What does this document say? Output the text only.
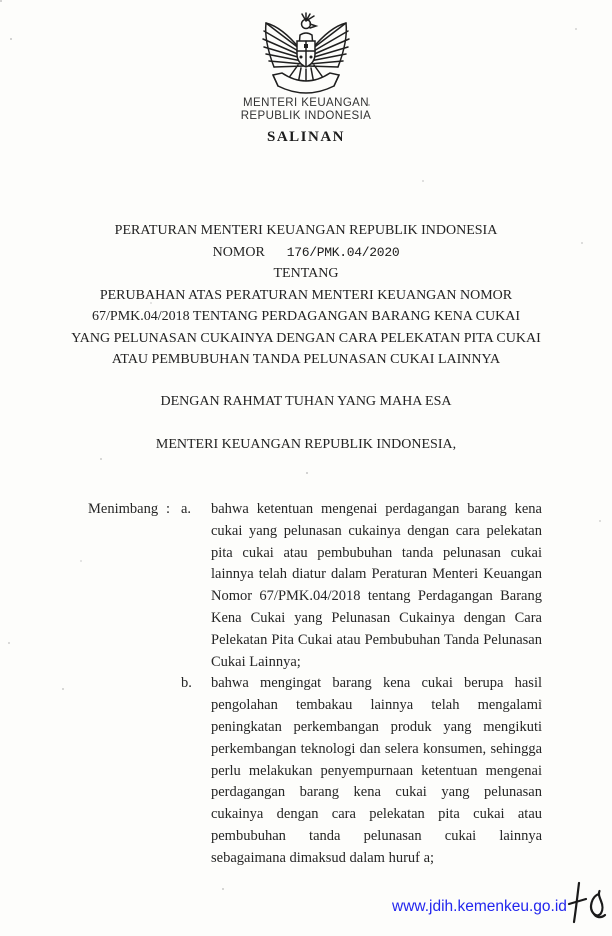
MENTERI KEUANGAN
REPUBLIK INDONESIA
SALINAN
PERATURAN MENTERI KEUANGAN REPUBLIK INDONESIA
NOMOR 176/PMK.04/2020
TENTANG
PERUBAHAN ATAS PERATURAN MENTERI KEUANGAN NOMOR
67/PMK.04/2018 TENTANG PERDAGANGAN BARANG KENA CUKAI
YANG PELUNASAN CUKAINYA DENGAN CARA PELEKATAN PITA CUKAI
ATAU PEMBUBUHAN TANDA PELUNASAN CUKAI LAINNYA
DENGAN RAHMAT TUHAN YANG MAHA ESA
MENTERI KEUANGAN REPUBLIK INDONESIA,
Menimbang : a.	bahwa ketentuan mengenai perdagangan barang kena cukai yang pelunasan cukainya dengan cara pelekatan pita cukai atau pembubuhan tanda pelunasan cukai lainnya telah diatur dalam Peraturan Menteri Keuangan Nomor 67/PMK.04/2018 tentang Perdagangan Barang Kena Cukai yang Pelunasan Cukainya dengan Cara Pelekatan Pita Cukai atau Pembubuhan Tanda Pelunasan Cukai Lainnya;
b.	bahwa mengingat barang kena cukai berupa hasil pengolahan tembakau lainnya telah mengalami peningkatan perkembangan produk yang mengikuti perkembangan teknologi dan selera konsumen, sehingga perlu melakukan penyempurnaan ketentuan mengenai perdagangan barang kena cukai yang pelunasan cukainya dengan cara pelekatan pita cukai atau pembubuhan tanda pelunasan cukai lainnya sebagaimana dimaksud dalam huruf a;
www.jdih.kemenkeu.go.id
